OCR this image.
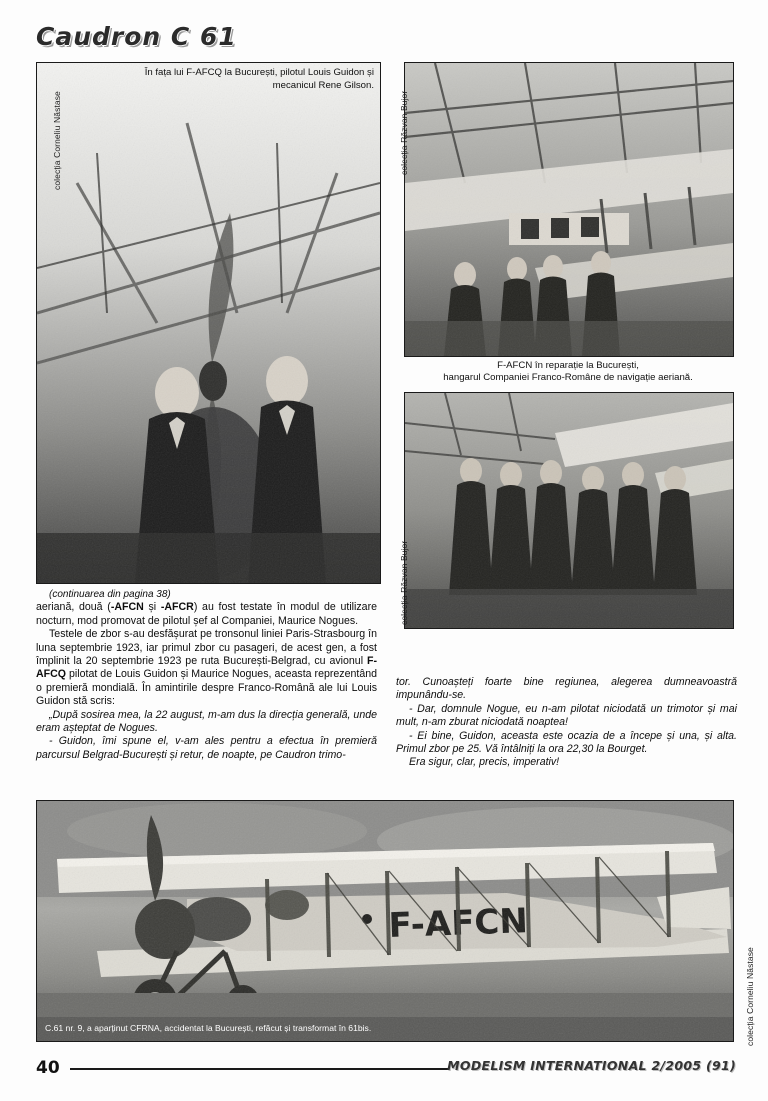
Caudron C 61
În fața lui F-AFCQ la București, pilotul Louis Guidon și mecanicul Rene Gilson.
colecția Corneliu Năstase	colecția Răzvan Bujor
F-AFCN în reparație la București,
hangarul Companiei Franco-Române de navigație aeriană.
colecția Răzvan Bujor

(continuarea din pagina 38)

aeriană, două (-AFCN și -AFCR) au fost testate în modul de utilizare nocturn, mod promovat de pilotul șef al Companiei, Maurice Nogues.

Testele de zbor s-au desfășurat pe tronsonul liniei Paris-Strasbourg în luna septembrie 1923, iar primul zbor cu pasageri, de acest gen, a fost împlinit la 20 septembrie 1923 pe ruta București-Belgrad, cu avionul F-AFCQ pilotat de Louis Guidon și Maurice Nogues, aceasta reprezentând o premieră mondială. În amintirile despre Franco-Română ale lui Louis Guidon stă scris:

„După sosirea mea, la 22 august, m-am dus la direcția generală, unde eram așteptat de Nogues.

- Guidon, îmi spune el, v-am ales pentru a efectua în premieră parcursul Belgrad-București și retur, de noapte, pe Caudron trimo-

tor. Cunoașteți foarte bine regiunea, alegerea dumneavoastră impunându-se.

- Dar, domnule Nogue, eu n-am pilotat niciodată un trimotor și mai mult, n-am zburat niciodată noaptea!

- Ei bine, Guidon, aceasta este ocazia de a începe și una, și alta. Primul zbor pe 25. Vă întâlniți la ora 22,30 la Bourget.

Era sigur, clar, precis, imperativ!

C.61 nr. 9, a aparținut CFRNA, accidentat la București, refăcut și transformat în 61bis.	colecția Corneliu Năstase
40	MODELISM INTERNATIONAL 2/2005 (91)
